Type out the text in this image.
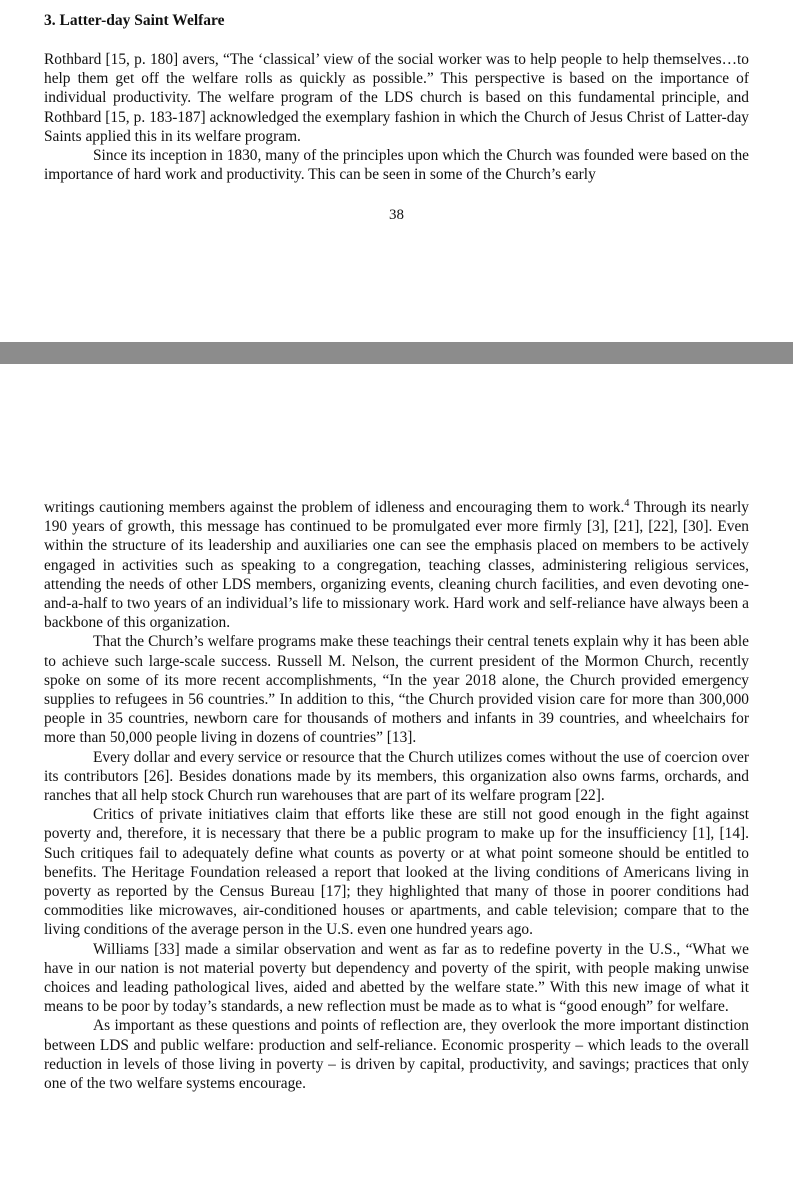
3. Latter-day Saint Welfare

Rothbard [15, p. 180] avers, “The ‘classical’ view of the social worker was to help people to help themselves…to help them get off the welfare rolls as quickly as possible.” This perspective is based on the importance of individual productivity. The welfare program of the LDS church is based on this fundamental principle, and Rothbard [15, p. 183-187] acknowledged the exemplary fashion in which the Church of Jesus Christ of Latter-day Saints applied this in its welfare program.

Since its inception in 1830, many of the principles upon which the Church was founded were based on the importance of hard work and productivity. This can be seen in some of the Church’s early

38

writings cautioning members against the problem of idleness and encouraging them to work.$^4$ Through its nearly 190 years of growth, this message has continued to be promulgated ever more firmly [3], [21], [22], [30]. Even within the structure of its leadership and auxiliaries one can see the emphasis placed on members to be actively engaged in activities such as speaking to a congregation, teaching classes, administering religious services, attending the needs of other LDS members, organizing events, cleaning church facilities, and even devoting one-and-a-half to two years of an individual’s life to missionary work. Hard work and self-reliance have always been a backbone of this organization.

That the Church’s welfare programs make these teachings their central tenets explain why it has been able to achieve such large-scale success. Russell M. Nelson, the current president of the Mormon Church, recently spoke on some of its more recent accomplishments, “In the year 2018 alone, the Church provided emergency supplies to refugees in 56 countries.” In addition to this, “the Church provided vision care for more than 300,000 people in 35 countries, newborn care for thousands of mothers and infants in 39 countries, and wheelchairs for more than 50,000 people living in dozens of countries” [13].

Every dollar and every service or resource that the Church utilizes comes without the use of coercion over its contributors [26]. Besides donations made by its members, this organization also owns farms, orchards, and ranches that all help stock Church run warehouses that are part of its welfare program [22].

Critics of private initiatives claim that efforts like these are still not good enough in the fight against poverty and, therefore, it is necessary that there be a public program to make up for the insufficiency [1], [14]. Such critiques fail to adequately define what counts as poverty or at what point someone should be entitled to benefits. The Heritage Foundation released a report that looked at the living conditions of Americans living in poverty as reported by the Census Bureau [17]; they highlighted that many of those in poorer conditions had commodities like microwaves, air-conditioned houses or apartments, and cable television; compare that to the living conditions of the average person in the U.S. even one hundred years ago.

Williams [33] made a similar observation and went as far as to redefine poverty in the U.S., “What we have in our nation is not material poverty but dependency and poverty of the spirit, with people making unwise choices and leading pathological lives, aided and abetted by the welfare state.” With this new image of what it means to be poor by today’s standards, a new reflection must be made as to what is “good enough” for welfare.

As important as these questions and points of reflection are, they overlook the more important distinction between LDS and public welfare: production and self-reliance. Economic prosperity – which leads to the overall reduction in levels of those living in poverty – is driven by capital, productivity, and savings; practices that only one of the two welfare systems encourage.
